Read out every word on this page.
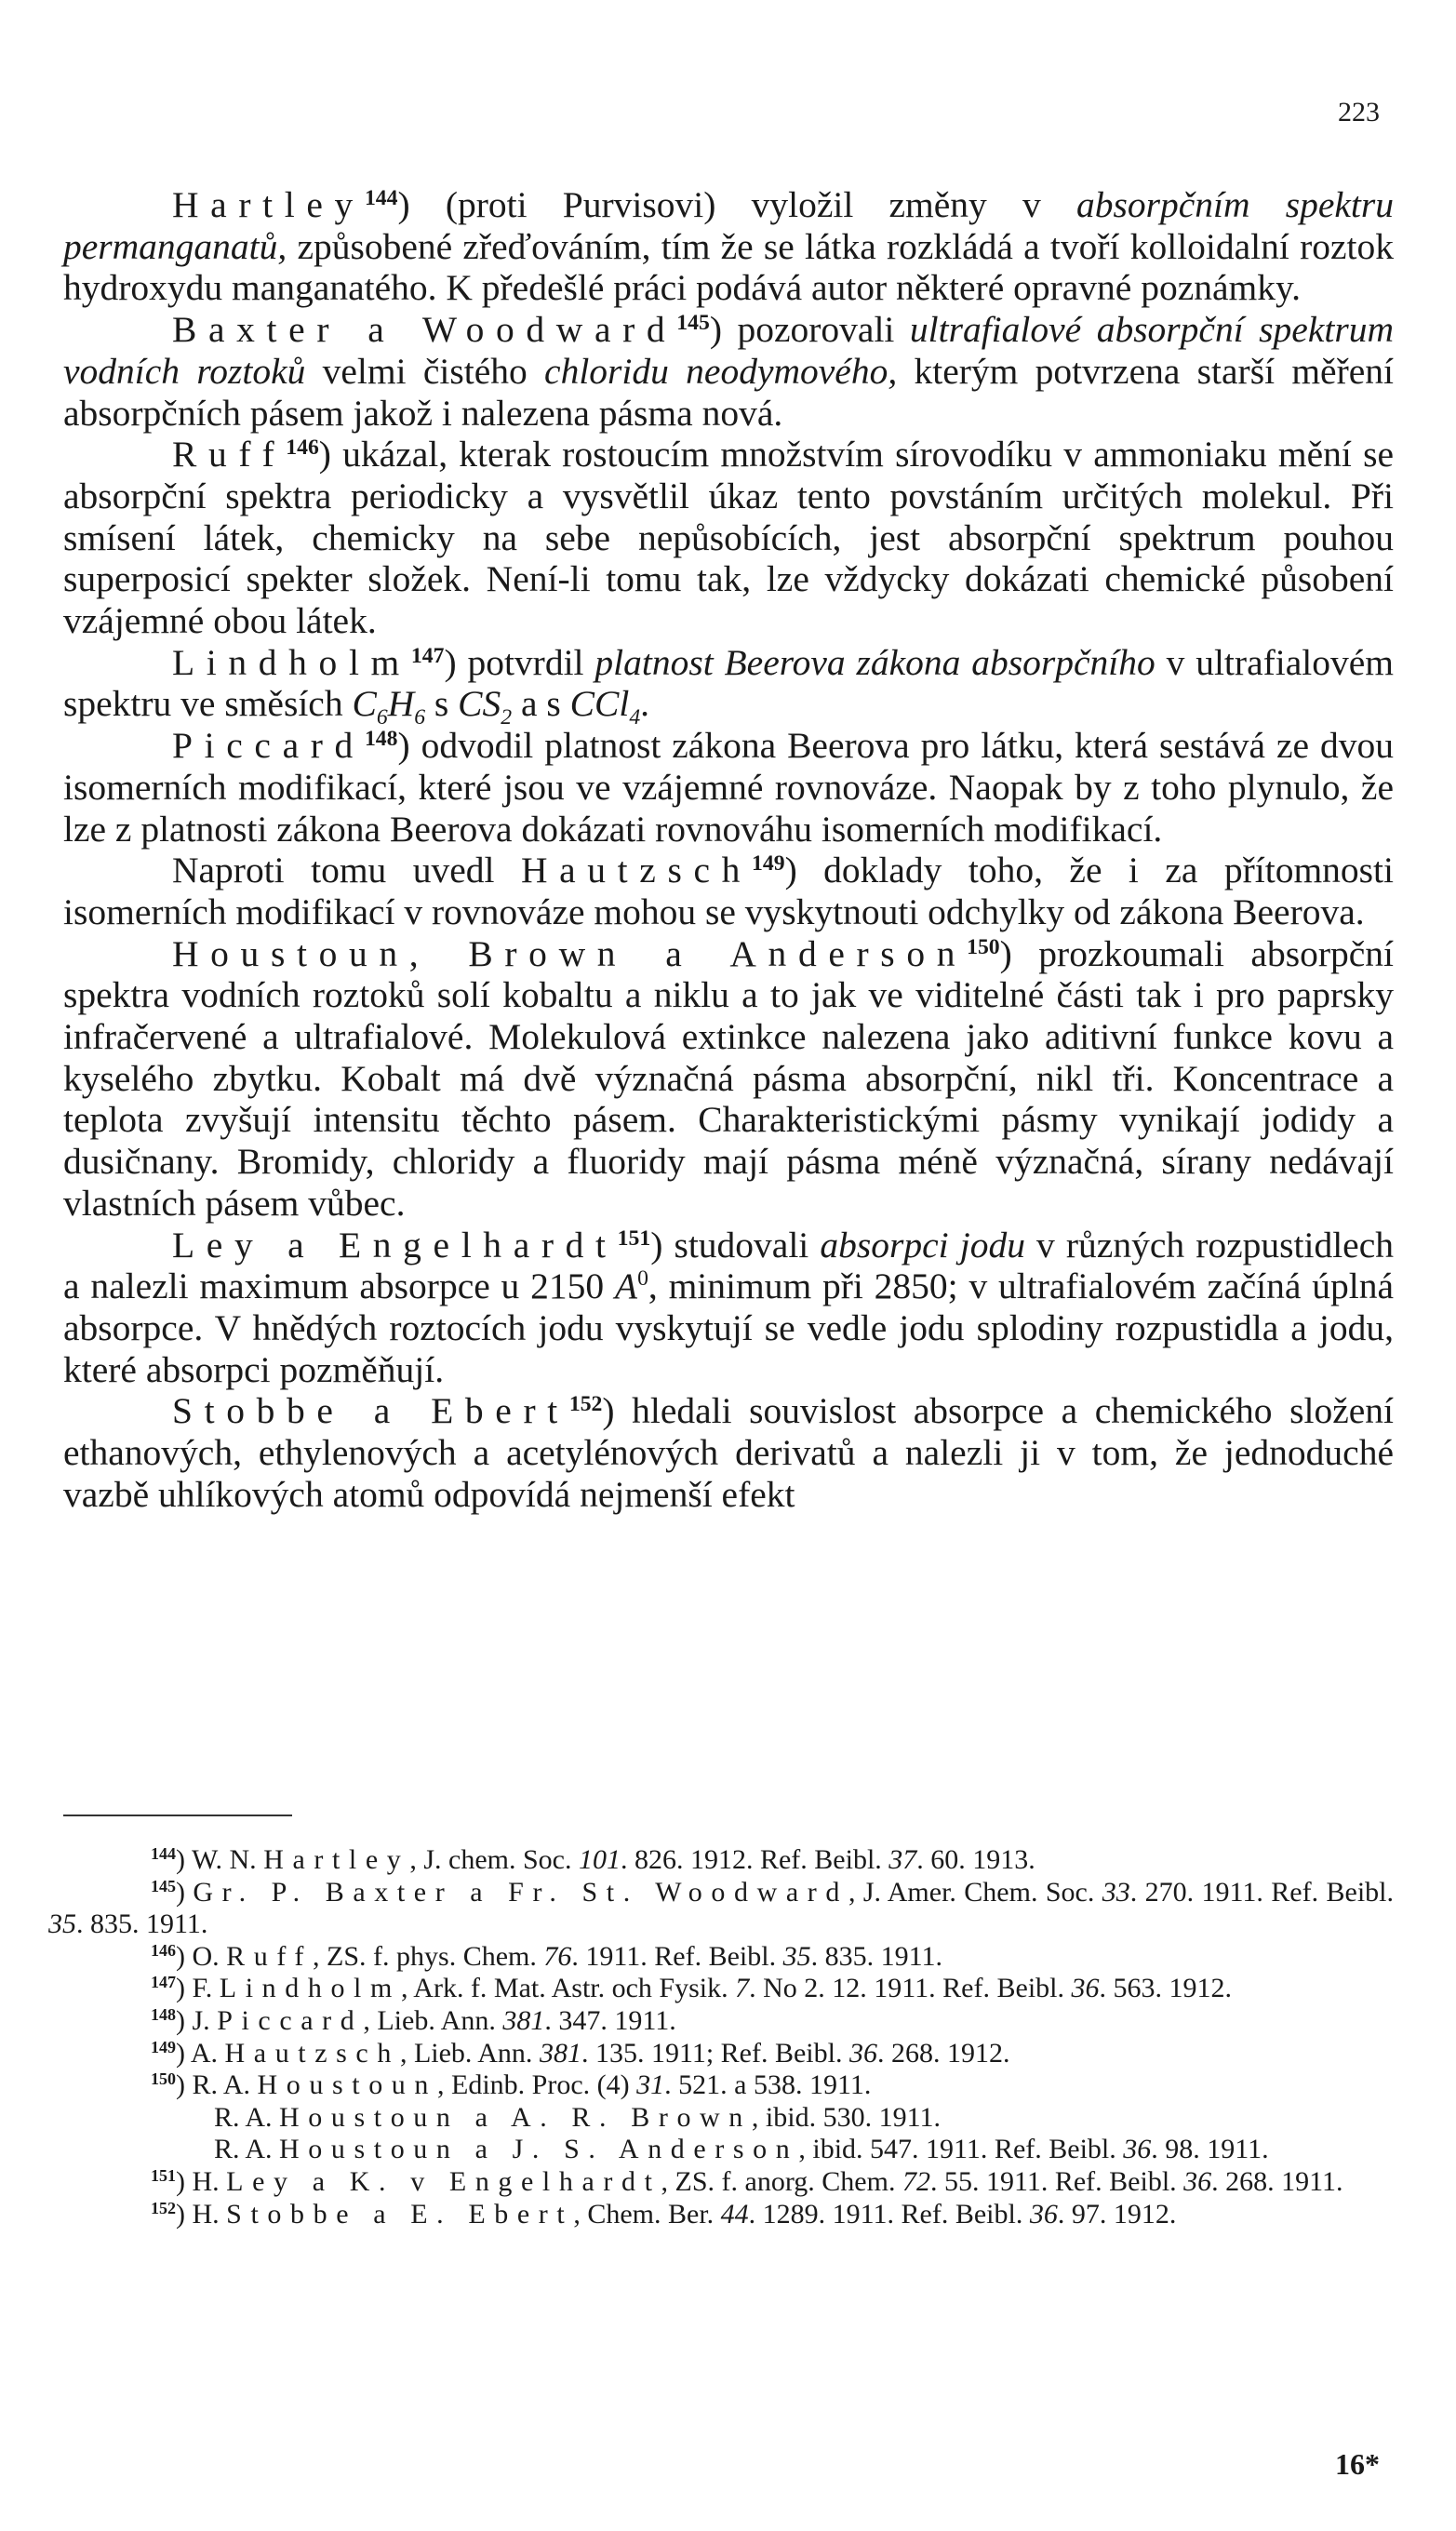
223

Hartley$^{144}$) (proti Purvisovi) vyložil změny v absorpčním spektru permanganatů, způsobené zřeďováním, tím že se látka rozkládá a tvoří kolloidalní roztok hydroxydu manganatého. K předešlé práci podává autor některé opravné poznámky.

Baxter a Woodward$^{145}$) pozorovali ultrafialové absorpční spektrum vodních roztoků velmi čistého chloridu neodymového, kterým potvrzena starší měření absorpčních pásem jakož i nalezena pásma nová.

Ruff$^{146}$) ukázal, kterak rostoucím množstvím sírovodíku v ammoniaku mění se absorpční spektra periodicky a vysvětlil úkaz tento povstáním určitých molekul. Při smísení látek, chemicky na sebe nepůsobících, jest absorpční spektrum pouhou superposicí spekter složek. Není-li tomu tak, lze vždycky dokázati chemické působení vzájemné obou látek.

Lindholm$^{147}$) potvrdil platnost Beerova zákona absorpčního v ultrafialovém spektru ve směsích $C_6H_6$ s $CS_2$ a s CCl$_4$.

Piccard$^{148}$) odvodil platnost zákona Beerova pro látku, která sestává ze dvou isomerních modifikací, které jsou ve vzájemné rovnováze. Naopak by z toho plynulo, že lze z platnosti zákona Beerova dokázati rovnováhu isomerních modifikací.

Naproti tomu uvedl Hautzsch$^{149}$) doklady toho, že i za přítomnosti isomerních modifikací v rovnováze mohou se vyskytnouti odchylky od zákona Beerova.

Houstoun, Brown a Anderson$^{150}$) prozkoumali absorpční spektra vodních roztoků solí kobaltu a niklu a to jak ve viditelné části tak i pro paprsky infračervené a ultrafialové. Molekulová extinkce nalezena jako aditivní funkce kovu a kyselého zbytku. Kobalt má dvě význačná pásma absorpční, nikl tři. Koncentrace a teplota zvyšují intensitu těchto pásem. Charakteristickými pásmy vynikají jodidy a dusičnany. Bromidy, chloridy a fluoridy mají pásma méně význačná, sírany nedávají vlastních pásem vůbec.

Ley a Engelhardt$^{151}$) studovali absorpci jodu v různých rozpustidlech a nalezli maximum absorpce u 2150 $A^0$, minimum při 2850; v ultrafialovém začíná úplná absorpce. V hnědých roztocích jodu vyskytují se vedle jodu splodiny rozpustidla a jodu, které absorpci pozměňují.

Stobbe a Ebert$^{152}$) hledali souvislost absorpce a chemického složení ethanových, ethylenových a acetylénových derivatů a nalezli ji v tom, že jednoduché vazbě uhlíkových atomů odpovídá nejmenší efekt

$^{144}$) W. N. Hartley, J. chem. Soc. 101. 826. 1912. Ref. Beibl. 37. 60. 1913.

$^{145}$) Gr. P. Baxter a Fr. St. Woodward, J. Amer. Chem. Soc. 33. 270. 1911. Ref. Beibl. 35. 835. 1911.

$^{146}$) O. Ruff, ZS. f. phys. Chem. 76. 1911. Ref. Beibl. 35. 835. 1911.

$^{147}$) F. Lindholm, Ark. f. Mat. Astr. och Fysik. 7. No 2. 12. 1911. Ref. Beibl. 36. 563. 1912.

$^{148}$) J. Piccard, Lieb. Ann. 381. 347. 1911.

$^{149}$) A. Hautzsch, Lieb. Ann. 381. 135. 1911; Ref. Beibl. 36. 268. 1912.

$^{150}$) R. A. Houstoun, Edinb. Proc. (4) 31. 521. a 538. 1911.

R. A. Houstoun a A. R. Brown, ibid. 530. 1911.

R. A. Houstoun a J. S. Anderson, ibid. 547. 1911. Ref. Beibl. 36. 98. 1911.

$^{151}$) H. Ley a K. v Engelhardt, ZS. f. anorg. Chem. 72. 55. 1911. Ref. Beibl. 36. 268. 1911.

$^{152}$) H. Stobbe a E. Ebert, Chem. Ber. 44. 1289. 1911. Ref. Beibl. 36. 97. 1912.

16*
